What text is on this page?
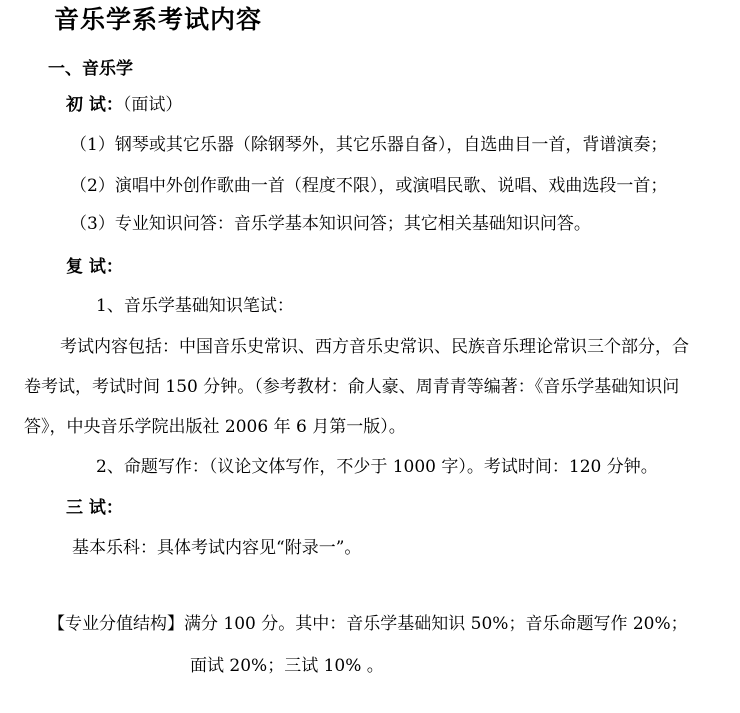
音乐学系考试内容
一、音乐学
初 试：（面试）
（1）钢琴或其它乐器（除钢琴外，其它乐器自备），自选曲目一首，背谱演奏；
（2）演唱中外创作歌曲一首（程度不限），或演唱民歌、说唱、戏曲选段一首；
（3）专业知识问答：音乐学基本知识问答；其它相关基础知识问答。
复 试：
1、音乐学基础知识笔试：
考试内容包括：中国音乐史常识、西方音乐史常识、民族音乐理论常识三个部分，合
卷考试，考试时间 150 分钟。（参考教材：俞人豪、周青青等编著：《音乐学基础知识问
答》，中央音乐学院出版社 2006 年 6 月第一版）。
2、命题写作：（议论文体写作，不少于 1000 字）。考试时间：120 分钟。
三 试：
基本乐科：具体考试内容见“附录一”。
【专业分值结构】满分 100 分。其中：音乐学基础知识 50%；音乐命题写作 20%；
面试 20%；三试 10% 。
